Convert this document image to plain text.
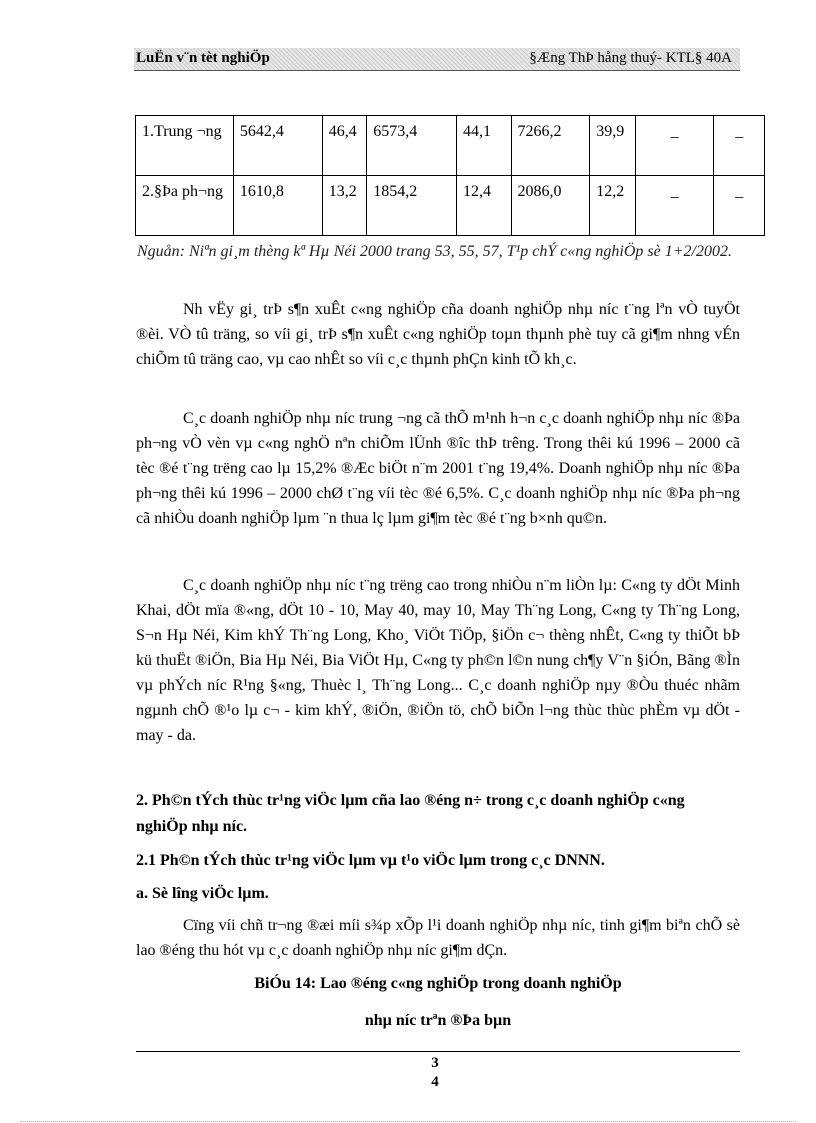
LuËn v¨n tèt nghiÖp	§Æng ThÞ hång thuý- KTL§ 40A
1.Trung ¬ng	5642,4	46,4	6573,4	44,1	7266,2	39,9	_	_
2.§Þa ph¬ng	1610,8	13,2	1854,2	12,4	2086,0	12,2	_	_
Nguån: Niªn gi¸m thèng kª Hµ Néi 2000 trang 53, 55, 57, T¹p chÝ c«ng nghiÖp sè 1+2/2002.
Nh vËy gi¸ trÞ s¶n xuÊt c«ng nghiÖp cña doanh nghiÖp nhµ níc t¨ng lªn vÒ tuyÖt ®èi. VÒ tû träng, so víi gi¸ trÞ s¶n xuÊt c«ng nghiÖp toµn thµnh phè tuy cã gi¶m nhng vÉn chiÕm tû träng cao, vµ cao nhÊt so víi c¸c thµnh phÇn kinh tÕ kh¸c.
C¸c doanh nghiÖp nhµ níc trung ¬ng cã thÕ m¹nh h¬n c¸c doanh nghiÖp nhµ níc ®Þa ph¬ng vÒ vèn vµ c«ng nghÖ nªn chiÕm lÜnh ®îc thÞ trêng. Trong thêi kú 1996 – 2000 cã tèc ®é t¨ng trëng cao lµ 15,2% ®Æc biÖt n¨m 2001 t¨ng 19,4%. Doanh nghiÖp nhµ níc ®Þa ph¬ng thêi kú 1996 – 2000 chØ t¨ng víi tèc ®é 6,5%. C¸c doanh nghiÖp nhµ níc ®Þa ph¬ng cã nhiÒu doanh nghiÖp lµm ¨n thua lç lµm gi¶m tèc ®é t¨ng b×nh qu©n.
C¸c doanh nghiÖp nhµ níc t¨ng trëng cao trong nhiÒu n¨m liÒn lµ: C«ng ty dÖt Minh Khai, dÖt mïa ®«ng, dÖt 10 - 10, May 40, may 10, May Th¨ng Long, C«ng ty Th¨ng Long, S¬n Hµ Néi, Kim khÝ Th¨ng Long, Kho¸ ViÖt TiÖp, §iÖn c¬ thèng nhÊt, C«ng ty thiÕt bÞ kü thuËt ®iÖn, Bia Hµ Néi, Bia ViÖt Hµ, C«ng ty ph©n l©n nung ch¶y V¨n §iÓn, Bãng ®Ìn vµ phÝch níc R¹ng §«ng, Thuèc l¸ Th¨ng Long... C¸c doanh nghiÖp nµy ®Òu thuéc nhãm ngµnh chÕ ®¹o lµ c¬ - kim khÝ, ®iÖn, ®iÖn tö, chÕ biÕn l¬ng thùc thùc phÈm vµ dÖt - may - da.
2. Ph©n tÝch thùc tr¹ng viÖc lµm cña lao ®éng n÷ trong c¸c doanh nghiÖp c«ng nghiÖp nhµ níc.
2.1 Ph©n tÝch thùc tr¹ng viÖc lµm vµ t¹o viÖc lµm trong c¸c DNNN.
a. Sè lîng viÖc lµm.
Cïng víi chñ tr¬ng ®æi míi s¾p xÕp l¹i doanh nghiÖp nhµ níc, tinh gi¶m biªn chÕ sè lao ®éng thu hót vµ c¸c doanh nghiÖp nhµ níc gi¶m dÇn.
BiÓu 14: Lao ®éng c«ng nghiÖp trong doanh nghiÖp
nhµ níc trªn ®Þa bµn
3
4
